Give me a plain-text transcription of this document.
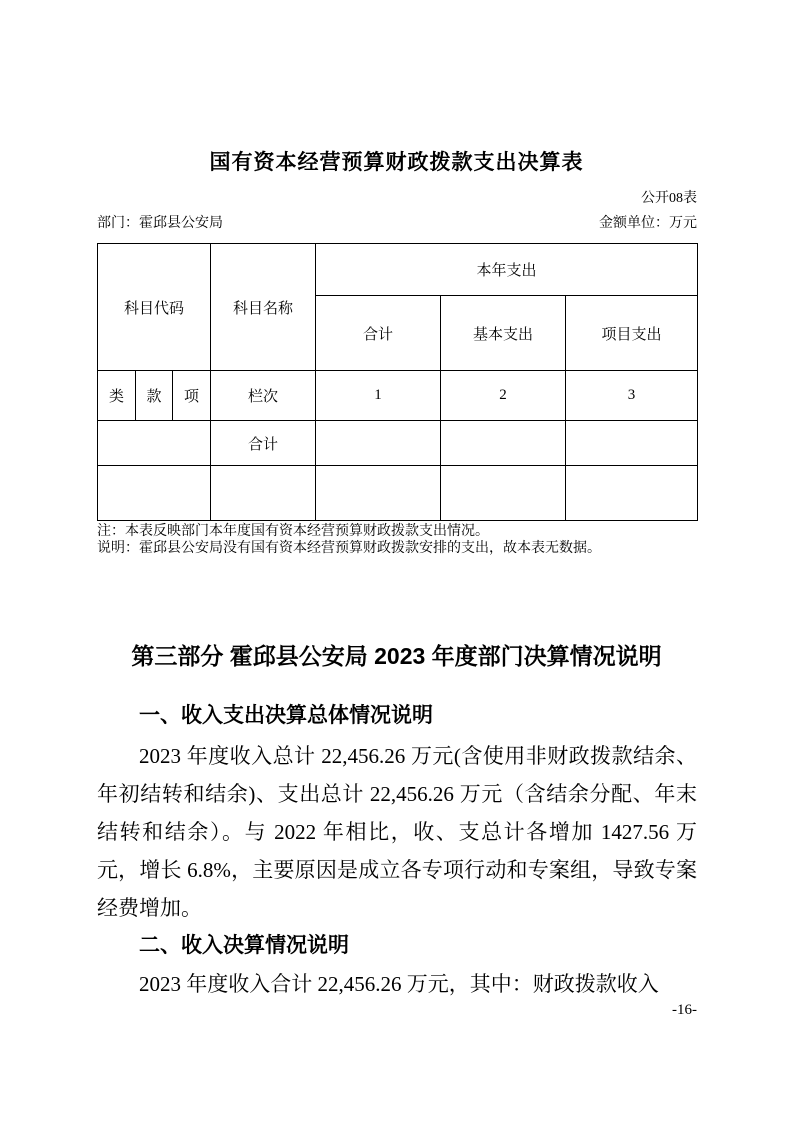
国有资本经营预算财政拨款支出决算表
公开08表
部门：霍邱县公安局	金额单位：万元
科目代码			科目名称	本年支出		
				合计	基本支出	项目支出
类	款	项	栏次	1	2	3
			合计			

注：本表反映部门本年度国有资本经营预算财政拨款支出情况。
说明：霍邱县公安局没有国有资本经营预算财政拨款安排的支出，故本表无数据。
第三部分 霍邱县公安局 2023 年度部门决算情况说明
一、收入支出决算总体情况说明
2023 年度收入总计 22,456.26 万元(含使用非财政拨款结余、年初结转和结余)、支出总计 22,456.26 万元（含结余分配、年末结转和结余）。与 2022 年相比，收、支总计各增加 1427.56 万元，增长 6.8%，主要原因是成立各专项行动和专案组，导致专案经费增加。
二、收入决算情况说明
2023 年度收入合计 22,456.26 万元，其中：财政拨款收入
-16-
